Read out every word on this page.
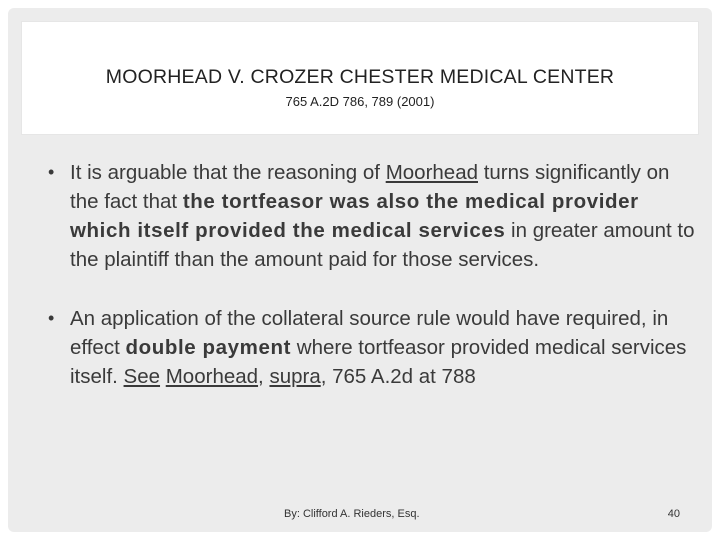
MOORHEAD V. CROZER CHESTER MEDICAL CENTER
765 A.2D 786, 789 (2001)
• It is arguable that the reasoning of Moorhead turns significantly on the fact that the tortfeasor was also the medical provider which itself provided the medical services in greater amount to the plaintiff than the amount paid for those services.
• An application of the collateral source rule would have required, in effect double payment where tortfeasor provided medical services itself. See Moorhead, supra, 765 A.2d at 788
By: Clifford A. Rieders, Esq.	40
